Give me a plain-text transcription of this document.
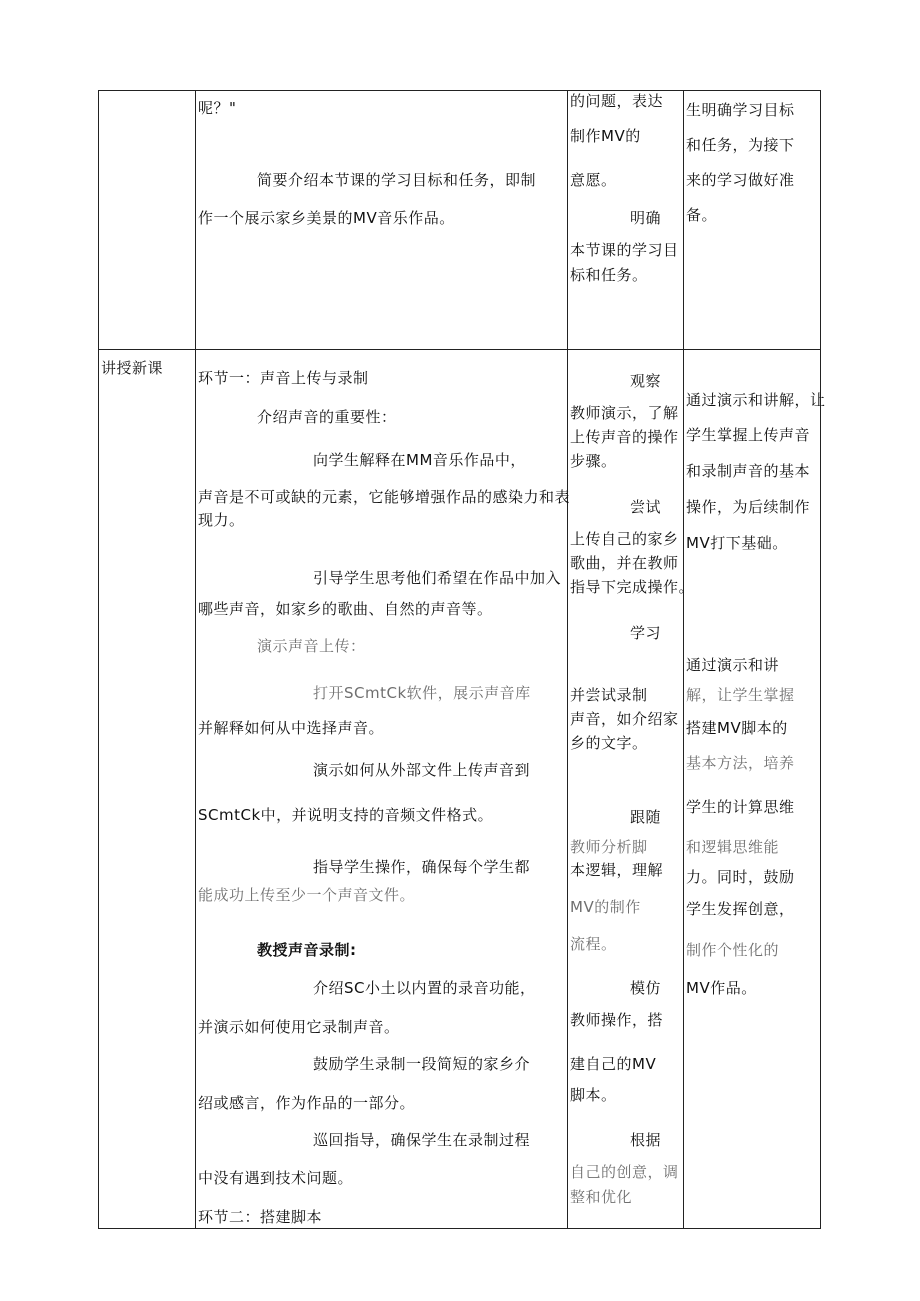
呢？"
简要介绍本节课的学习目标和任务，即制
作一个展示家乡美景的MV音乐作品。
的问题，表达
制作MV的
意愿。
明确
本节课的学习目
标和任务。
生明确学习目标
和任务，为接下
来的学习做好准
备。
讲授新课
环节一：声音上传与录制
介绍声音的重要性：
向学生解释在MM音乐作品中，
声音是不可或缺的元素，它能够增强作品的感染力和表
现力。
引导学生思考他们希望在作品中加入
哪些声音，如家乡的歌曲、自然的声音等。
演示声音上传：
打开SCmtCk软件，展示声音库
并解释如何从中选择声音。
演示如何从外部文件上传声音到
SCmtCk中，并说明支持的音频文件格式。
指导学生操作，确保每个学生都
能成功上传至少一个声音文件。
教授声音录制:
介绍SC小土以内置的录音功能，
并演示如何使用它录制声音。
鼓励学生录制一段简短的家乡介
绍或感言，作为作品的一部分。
巡回指导，确保学生在录制过程
中没有遇到技术问题。
环节二：搭建脚本
观察
教师演示，了解
上传声音的操作
步骤。
尝试
上传自己的家乡
歌曲，并在教师
指导下完成操作。
学习
并尝试录制
声音，如介绍家
乡的文字。
跟随
教师分析脚
本逻辑，理解
MV的制作
流程。
模仿
教师操作，搭
建自己的MV
脚本。
根据
自己的创意，调
整和优化
通过演示和讲解，让
学生掌握上传声音
和录制声音的基本
操作，为后续制作
MV打下基础。
通过演示和讲
解，让学生掌握
搭建MV脚本的
基本方法，培养
学生的计算思维
和逻辑思维能
力。同时，鼓励
学生发挥创意，
制作个性化的
MV作品。
